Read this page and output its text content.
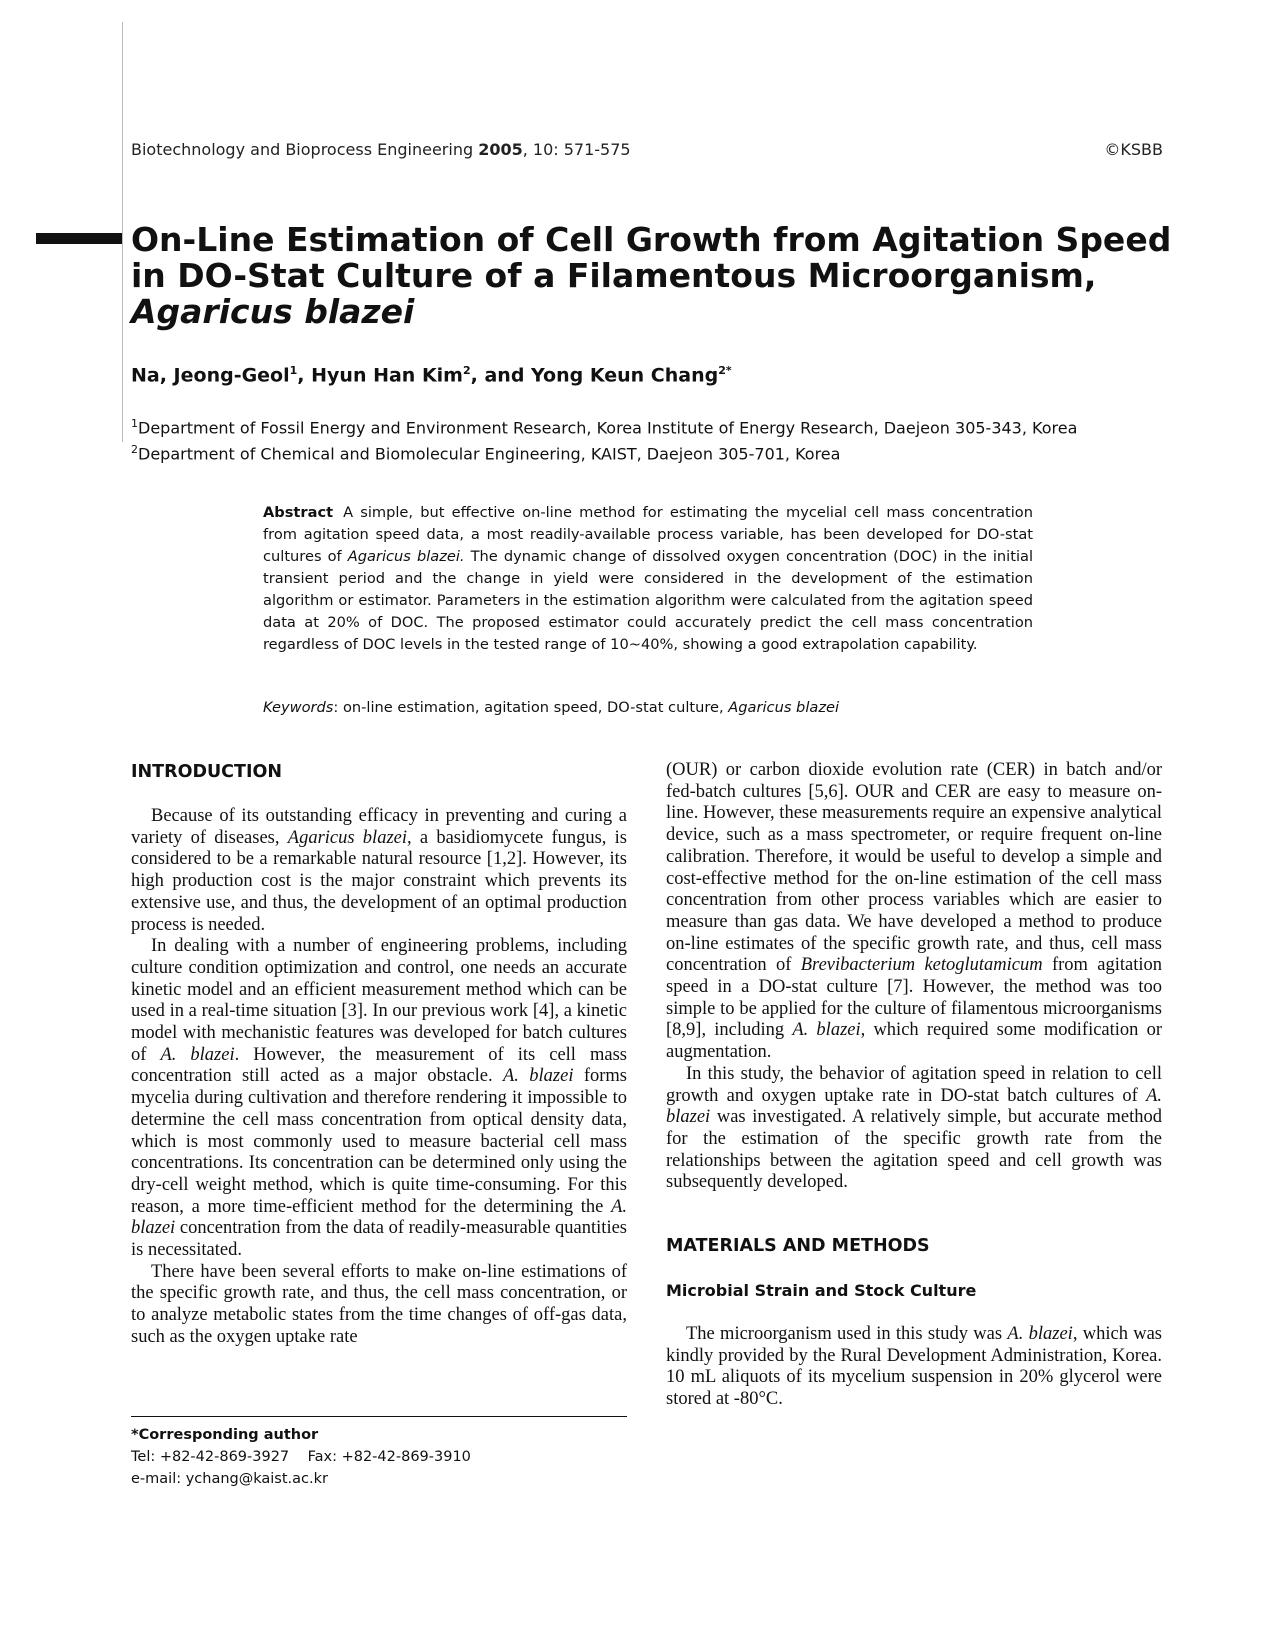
Biotechnology and Bioprocess Engineering 2005, 10: 571-575	©KSBB
On-Line Estimation of Cell Growth from Agitation Speed in DO-Stat Culture of a Filamentous Microorganism, Agaricus blazei
Na, Jeong-Geol$^1$, Hyun Han Kim$^2$, and Yong Keun Chang$^{2*}$
$^1$Department of Fossil Energy and Environment Research, Korea Institute of Energy Research, Daejeon 305-343, Korea
$^2$Department of Chemical and Biomolecular Engineering, KAIST, Daejeon 305-701, Korea
Abstract A simple, but effective on-line method for estimating the mycelial cell mass concentration from agitation speed data, a most readily-available process variable, has been developed for DO-stat cultures of Agaricus blazei. The dynamic change of dissolved oxygen concentration (DOC) in the initial transient period and the change in yield were considered in the development of the estimation algorithm or estimator. Parameters in the estimation algorithm were calculated from the agitation speed data at 20% of DOC. The proposed estimator could accurately predict the cell mass concentration regardless of DOC levels in the tested range of 10~40%, showing a good extrapolation capability.
Keywords: on-line estimation, agitation speed, DO-stat culture, Agaricus blazei
INTRODUCTION

Because of its outstanding efficacy in preventing and curing a variety of diseases, Agaricus blazei, a basidiomycete fungus, is considered to be a remarkable natural resource [1,2]. However, its high production cost is the major constraint which prevents its extensive use, and thus, the development of an optimal production process is needed.

In dealing with a number of engineering problems, including culture condition optimization and control, one needs an accurate kinetic model and an efficient measurement method which can be used in a real-time situation [3]. In our previous work [4], a kinetic model with mechanistic features was developed for batch cultures of A. blazei. However, the measurement of its cell mass concentration still acted as a major obstacle. A. blazei forms mycelia during cultivation and therefore rendering it impossible to determine the cell mass concentration from optical density data, which is most commonly used to measure bacterial cell mass concentrations. Its concentration can be determined only using the dry-cell weight method, which is quite time-consuming. For this reason, a more time-efficient method for the determining the A. blazei concentration from the data of readily-measurable quantities is necessitated.

There have been several efforts to make on-line estimations of the specific growth rate, and thus, the cell mass concentration, or to analyze metabolic states from the time changes of off-gas data, such as the oxygen uptake rate

(OUR) or carbon dioxide evolution rate (CER) in batch and/or fed-batch cultures [5,6]. OUR and CER are easy to measure on-line. However, these measurements require an expensive analytical device, such as a mass spectrometer, or require frequent on-line calibration. Therefore, it would be useful to develop a simple and cost-effective method for the on-line estimation of the cell mass concentration from other process variables which are easier to measure than gas data. We have developed a method to produce on-line estimates of the specific growth rate, and thus, cell mass concentration of Brevibacterium ketoglutamicum from agitation speed in a DO-stat culture [7]. However, the method was too simple to be applied for the culture of filamentous microorganisms [8,9], including A. blazei, which required some modification or augmentation.

In this study, the behavior of agitation speed in relation to cell growth and oxygen uptake rate in DO-stat batch cultures of A. blazei was investigated. A relatively simple, but accurate method for the estimation of the specific growth rate from the relationships between the agitation speed and cell growth was subsequently developed.

MATERIALS AND METHODS
Microbial Strain and Stock Culture

The microorganism used in this study was A. blazei, which was kindly provided by the Rural Development Administration, Korea. 10 mL aliquots of its mycelium suspension in 20% glycerol were stored at -80°C.

*Corresponding author
Tel: +82-42-869-3927 Fax: +82-42-869-3910
e-mail: ychang@kaist.ac.kr
